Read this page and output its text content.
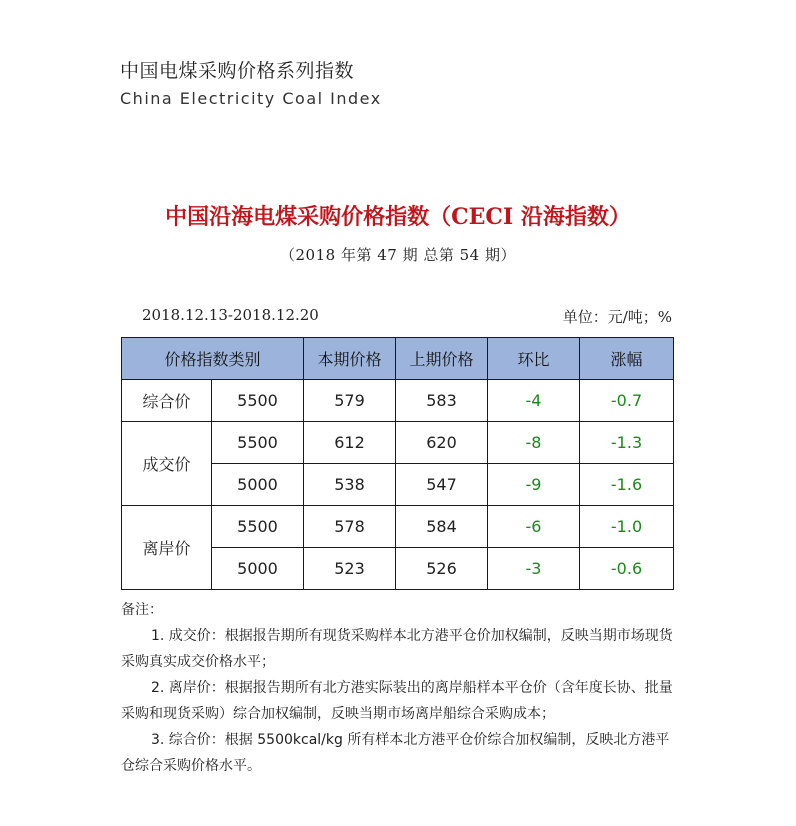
中国电煤采购价格系列指数
China Electricity Coal Index
中国沿海电煤采购价格指数（CECI 沿海指数）
（2018 年第 47 期 总第 54 期）
2018.12.13-2018.12.20	单位：元/吨；%
价格指数类别		本期价格	上期价格	环比	涨幅
综合价	5500	579	583	-4	-0.7
成交价	5500	612	620	-8	-1.3
	5000	538	547	-9	-1.6
离岸价	5500	578	584	-6	-1.0
	5000	523	526	-3	-0.6

备注：

1. 成交价：根据报告期所有现货采购样本北方港平仓价加权编制，反映当期市场现货采购真实成交价格水平；

2. 离岸价：根据报告期所有北方港实际装出的离岸船样本平仓价（含年度长协、批量采购和现货采购）综合加权编制，反映当期市场离岸船综合采购成本；

3. 综合价：根据 5500kcal/kg 所有样本北方港平仓价综合加权编制，反映北方港平仓综合采购价格水平。
